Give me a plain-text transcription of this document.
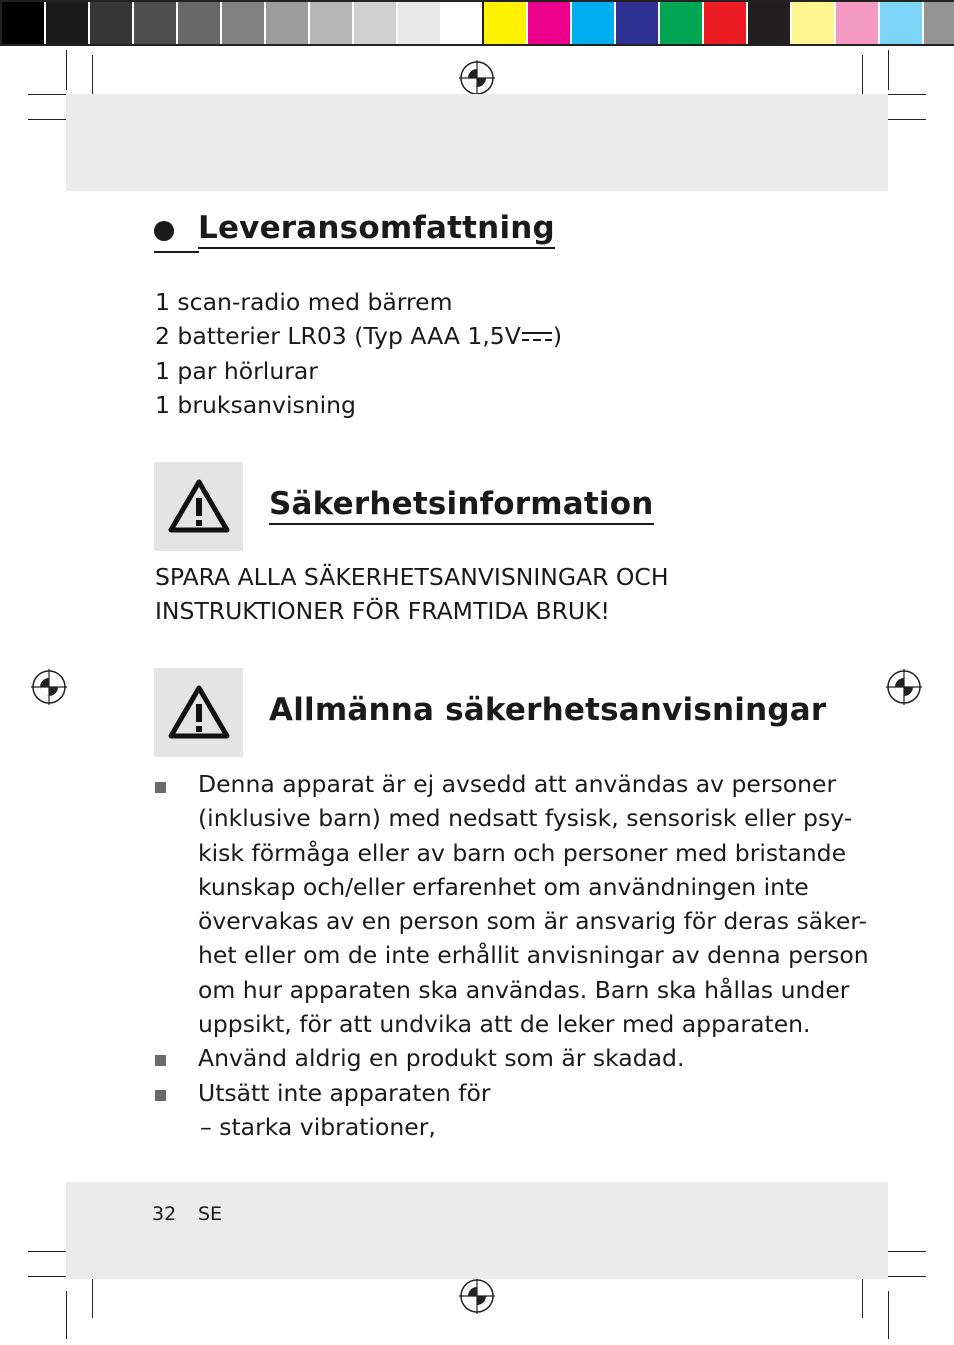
Leveransomfattning
1 scan-radio med bärrem
2 batterier LR03 (Typ AAA 1,5V )
1 par hörlurar
1 bruksanvisning
Säkerhetsinformation
SPARA ALLA SÄKERHETSANVISNINGAR OCH
INSTRUKTIONER FÖR FRAMTIDA BRUK!
Allmänna säkerhetsanvisningar
Denna apparat är ej avsedd att användas av personer
(inklusive barn) med nedsatt fysisk, sensorisk eller psy-
kisk förmåga eller av barn och personer med bristande
kunskap och/eller erfarenhet om användningen inte
övervakas av en person som är ansvarig för deras säker-
het eller om de inte erhållit anvisningar av denna person
om hur apparaten ska användas. Barn ska hållas under
uppsikt, för att undvika att de leker med apparaten.
Använd aldrig en produkt som är skadad.
Utsätt inte apparaten för
– starka vibrationer,
32 SE
